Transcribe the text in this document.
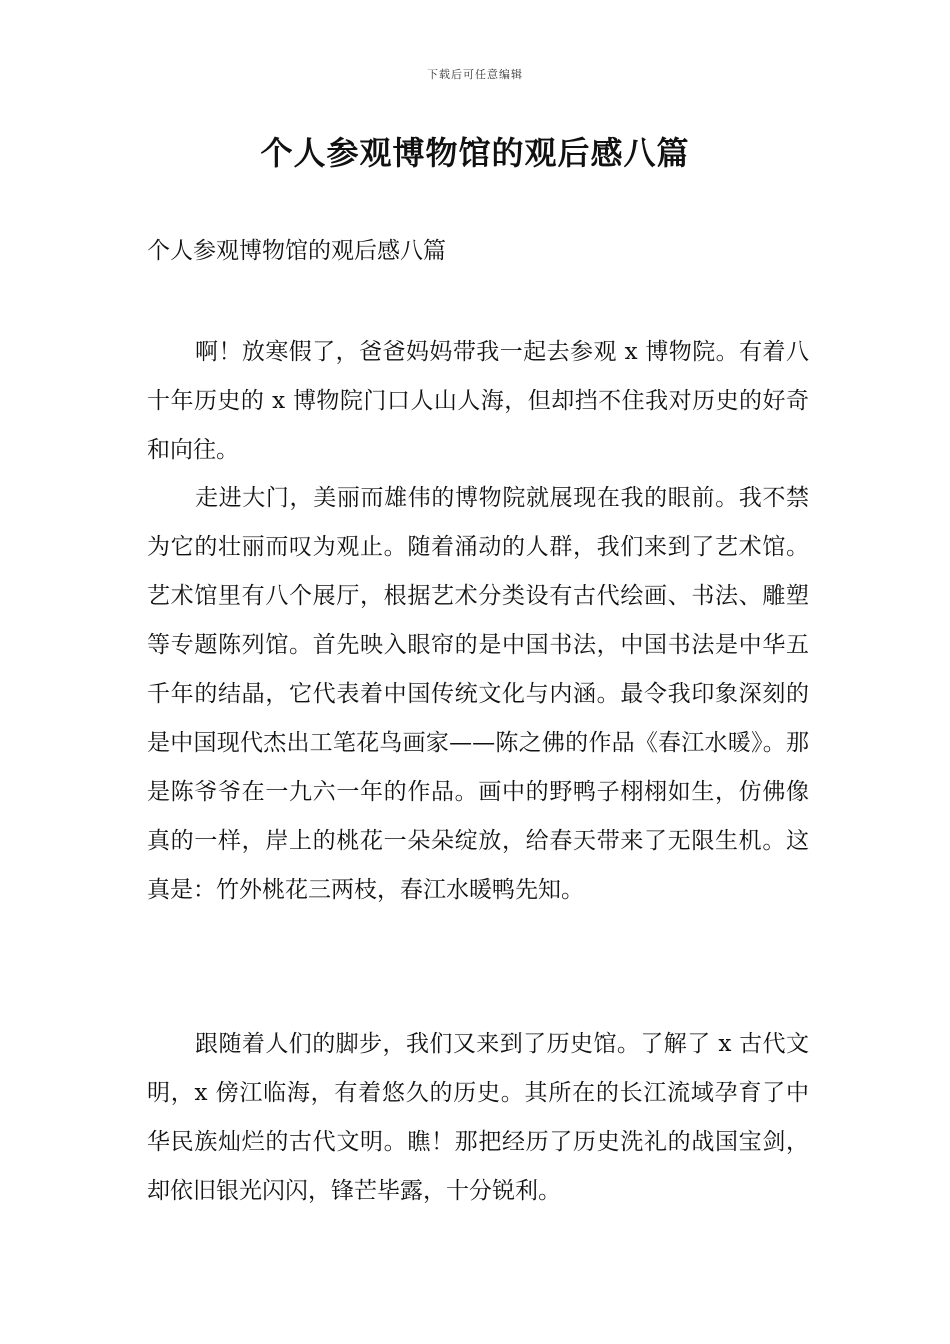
下载后可任意编辑
个人参观博物馆的观后感八篇

个人参观博物馆的观后感八篇

啊！放寒假了，爸爸妈妈带我一起去参观 x 博物院。有着八十年历史的 x 博物院门口人山人海，但却挡不住我对历史的好奇和向往。

走进大门，美丽而雄伟的博物院就展现在我的眼前。我不禁为它的壮丽而叹为观止。随着涌动的人群，我们来到了艺术馆。艺术馆里有八个展厅，根据艺术分类设有古代绘画、书法、雕塑等专题陈列馆。首先映入眼帘的是中国书法，中国书法是中华五千年的结晶，它代表着中国传统文化与内涵。最令我印象深刻的是中国现代杰出工笔花鸟画家——陈之佛的作品《春江水暖》。那是陈爷爷在一九六一年的作品。画中的野鸭子栩栩如生，仿佛像真的一样，岸上的桃花一朵朵绽放，给春天带来了无限生机。这真是：竹外桃花三两枝，春江水暖鸭先知。

跟随着人们的脚步，我们又来到了历史馆。了解了 x 古代文明，x 傍江临海，有着悠久的历史。其所在的长江流域孕育了中华民族灿烂的古代文明。瞧！那把经历了历史洗礼的战国宝剑，却依旧银光闪闪，锋芒毕露，十分锐利。
